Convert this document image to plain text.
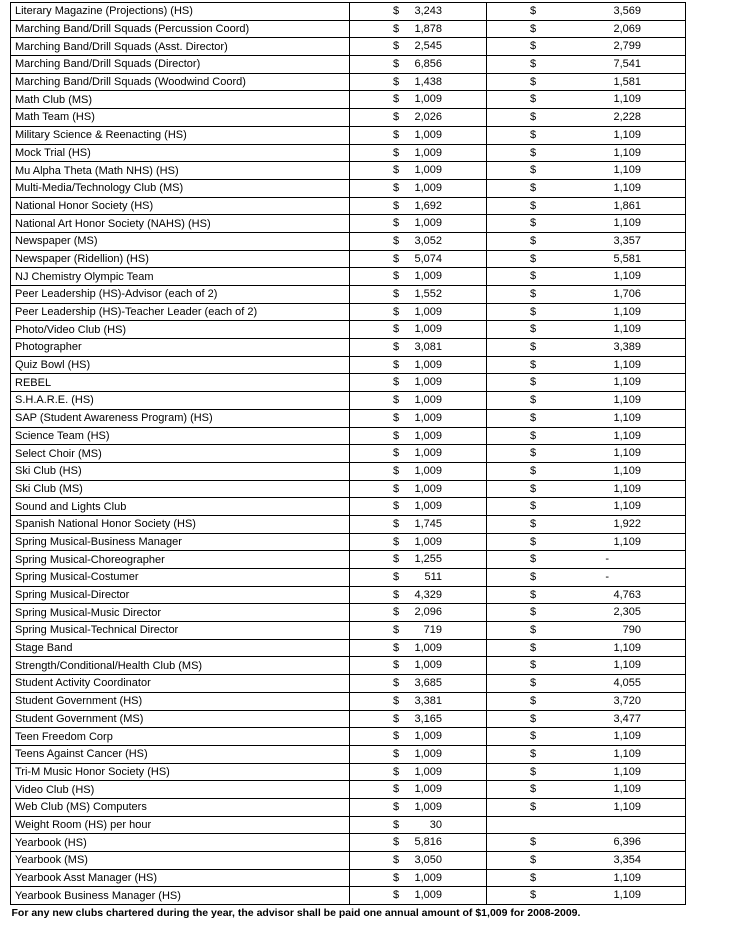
Literary Magazine (Projections) (HS)	$ 3,243	$ 3,569

Marching Band/Drill Squads (Percussion Coord)	$ 1,878	$ 2,069

Marching Band/Drill Squads (Asst. Director)	$ 2,545	$ 2,799

Marching Band/Drill Squads (Director)	$ 6,856	$ 7,541

Marching Band/Drill Squads (Woodwind Coord)	$ 1,438	$ 1,581

Math Club (MS)	$ 1,009	$ 1,109

Math Team (HS)	$ 2,026	$ 2,228

Military Science & Reenacting (HS)	$ 1,009	$ 1,109

Mock Trial (HS)	$ 1,009	$ 1,109

Mu Alpha Theta (Math NHS) (HS)	$ 1,009	$ 1,109

Multi-Media/Technology Club (MS)	$ 1,009	$ 1,109

National Honor Society (HS)	$ 1,692	$ 1,861

National Art Honor Society (NAHS) (HS)	$ 1,009	$ 1,109

Newspaper (MS)	$ 3,052	$ 3,357

Newspaper (Ridellion) (HS)	$ 5,074	$ 5,581

NJ Chemistry Olympic Team	$ 1,009	$ 1,109

Peer Leadership (HS)-Advisor (each of 2)	$ 1,552	$ 1,706

Peer Leadership (HS)-Teacher Leader (each of 2)	$ 1,009	$ 1,109

Photo/Video Club (HS)	$ 1,009	$ 1,109

Photographer	$ 3,081	$ 3,389

Quiz Bowl (HS)	$ 1,009	$ 1,109

REBEL	$ 1,009	$ 1,109

S.H.A.R.E. (HS)	$ 1,009	$ 1,109

SAP (Student Awareness Program) (HS)	$ 1,009	$ 1,109

Science Team (HS)	$ 1,009	$ 1,109

Select Choir (MS)	$ 1,009	$ 1,109

Ski Club (HS)	$ 1,009	$ 1,109

Ski Club (MS)	$ 1,009	$ 1,109

Sound and Lights Club	$ 1,009	$ 1,109

Spanish National Honor Society (HS)	$ 1,745	$ 1,922

Spring Musical-Business Manager	$ 1,009	$ 1,109

Spring Musical-Choreographer	$ 1,255	$ -

Spring Musical-Costumer	$ 511	$ -

Spring Musical-Director	$ 4,329	$ 4,763

Spring Musical-Music Director	$ 2,096	$ 2,305

Spring Musical-Technical Director	$ 719	$ 790

Stage Band	$ 1,009	$ 1,109

Strength/Conditional/Health Club (MS)	$ 1,009	$ 1,109

Student Activity Coordinator	$ 3,685	$ 4,055

Student Government (HS)	$ 3,381	$ 3,720

Student Government (MS)	$ 3,165	$ 3,477

Teen Freedom Corp	$ 1,009	$ 1,109

Teens Against Cancer (HS)	$ 1,009	$ 1,109

Tri-M Music Honor Society (HS)	$ 1,009	$ 1,109

Video Club (HS)	$ 1,009	$ 1,109

Web Club (MS) Computers	$ 1,009	$ 1,109

Weight Room (HS) per hour	$ 30	

Yearbook (HS)	$ 5,816	$ 6,396

Yearbook (MS)	$ 3,050	$ 3,354

Yearbook Asst Manager (HS)	$ 1,009	$ 1,109

Yearbook Business Manager (HS)	$ 1,009	$ 1,109

For any new clubs chartered during the year, the advisor shall be paid one annual amount of $1,009 for 2008-2009.		
